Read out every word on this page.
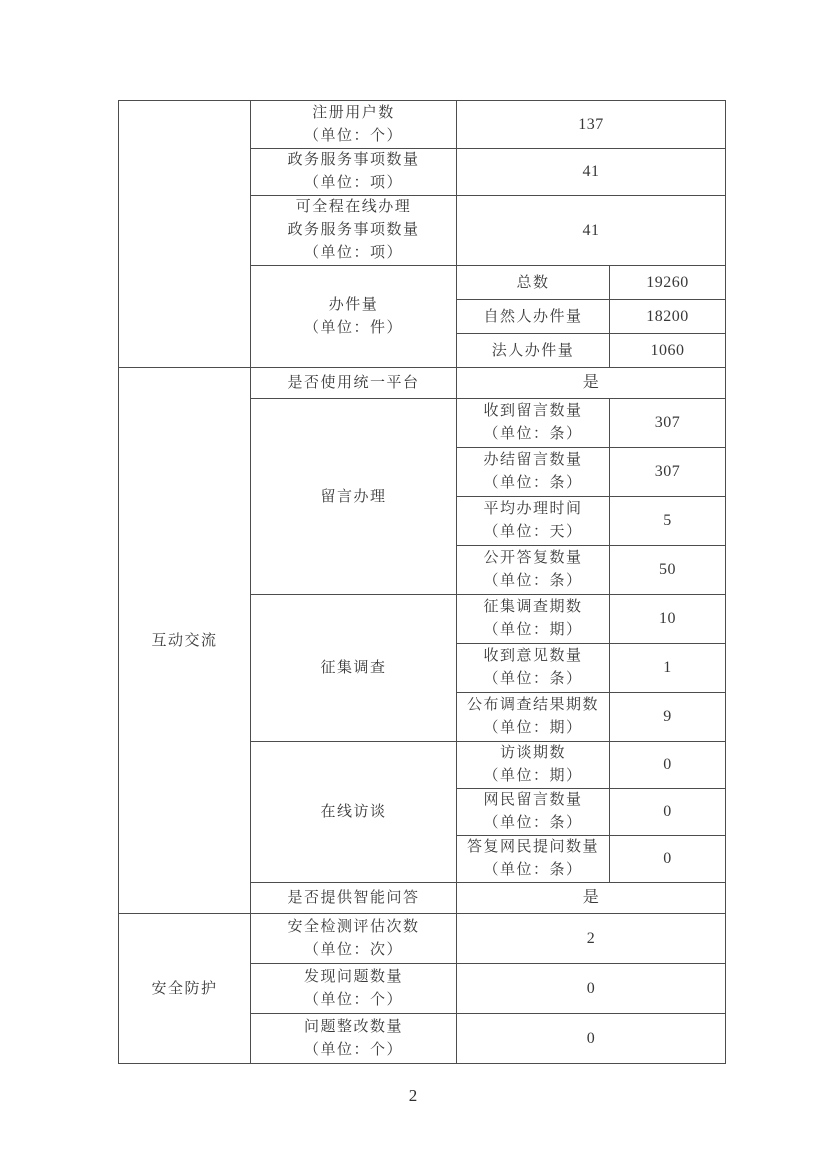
	注册用户数
（单位：个）	137	

	政务服务事项数量
（单位：项）	41	

	可全程在线办理
政务服务事项数量
（单位：项）	41	

	办件量
（单位：件）	总数	19260
		自然人办件量	18200
		法人办件量	1060
互动交流	是否使用统一平台	是	
	留言办理	收到留言数量
（单位：条）	307

		办结留言数量
（单位：条）	307

		平均办理时间
（单位：天）	5

		公开答复数量
（单位：条）	50
	征集调查	征集调查期数
（单位：期）	10

		收到意见数量
（单位：条）	1

		公布调查结果期数
（单位：期）	9
	在线访谈	访谈期数
（单位：期）	0

		网民留言数量
（单位：条）	0

		答复网民提问数量
（单位：条）	0
	是否提供智能问答	是	
安全防护	安全检测评估次数
（单位：次）	2	

	发现问题数量
（单位：个）	0	

	问题整改数量
（单位：个）	0	
2
